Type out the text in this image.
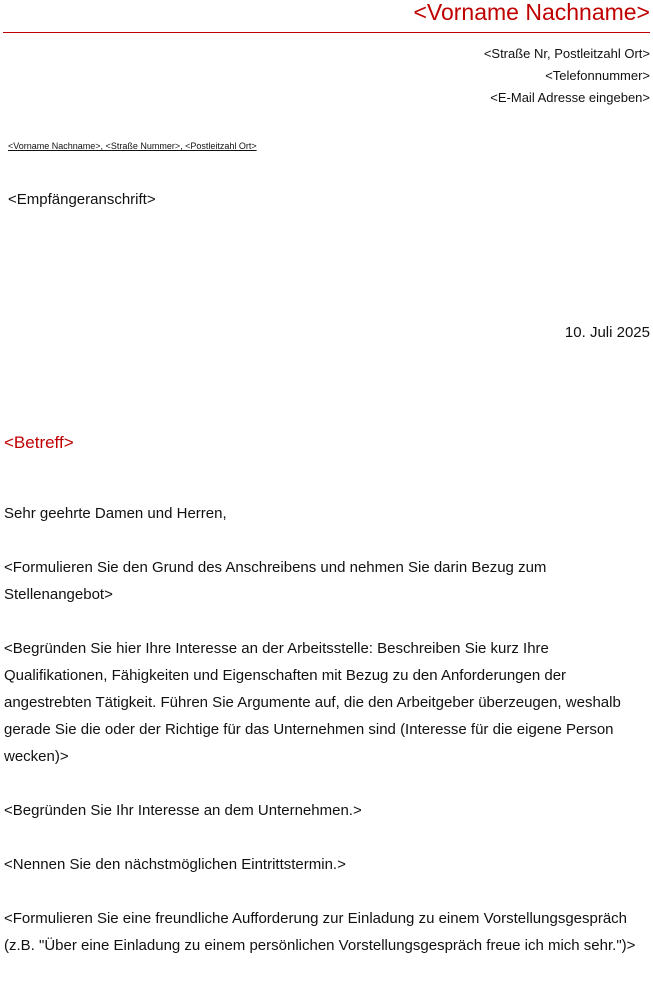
<Vorname Nachname>
<Straße Nr, Postleitzahl Ort>
<Telefonnummer>
<E-Mail Adresse eingeben>
<Vorname Nachname>, <Straße Nummer>, <Postleitzahl Ort>
<Empfängeranschrift>
10. Juli 2025
<Betreff>

Sehr geehrte Damen und Herren,

<Formulieren Sie den Grund des Anschreibens und nehmen Sie darin Bezug zum Stellenangebot>

<Begründen Sie hier Ihre Interesse an der Arbeitsstelle: Beschreiben Sie kurz Ihre Qualifikationen, Fähigkeiten und Eigenschaften mit Bezug zu den Anforderungen der angestrebten Tätigkeit. Führen Sie Argumente auf, die den Arbeitgeber überzeugen, weshalb gerade Sie die oder der Richtige für das Unternehmen sind (Interesse für die eigene Person wecken)>

<Begründen Sie Ihr Interesse an dem Unternehmen.>

<Nennen Sie den nächstmöglichen Eintrittstermin.>

<Formulieren Sie eine freundliche Aufforderung zur Einladung zu einem Vorstellungsgespräch (z.B. "Über eine Einladung zu einem persönlichen Vorstellungsgespräch freue ich mich sehr.")>
